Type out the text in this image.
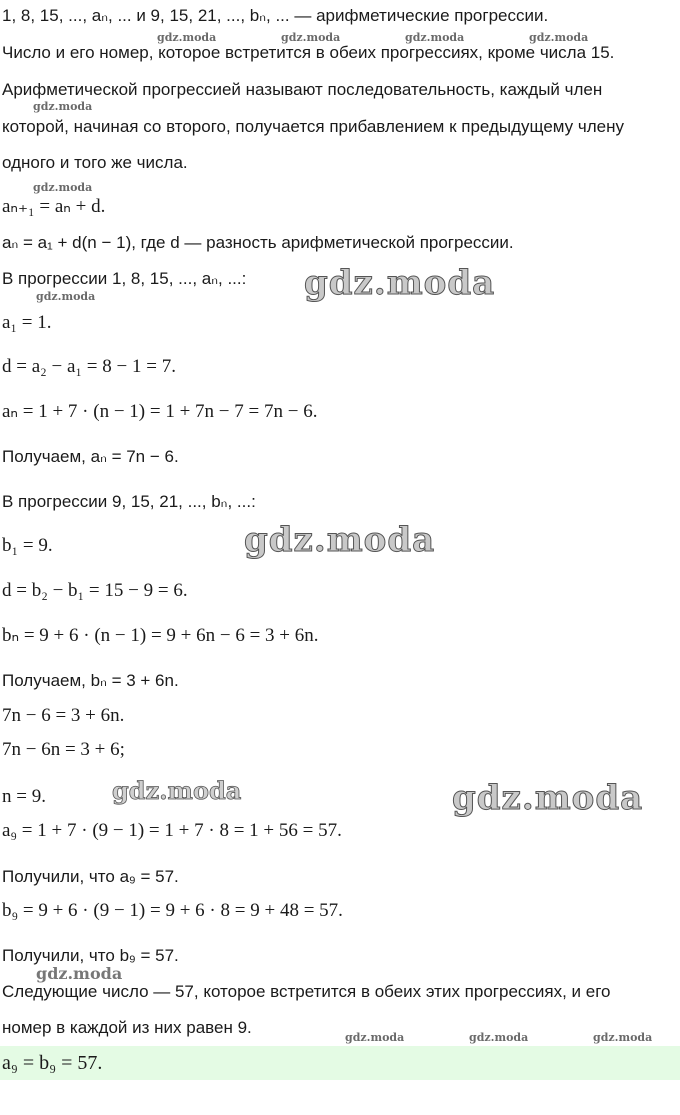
1, 8, 15, ..., aₙ, ... и 9, 15, 21, ..., bₙ, ... — арифметические прогрессии.
Число и его номер, которое встретится в обеих прогрессиях, кроме числа 15.
Арифметической прогрессией называют последовательность, каждый член
которой, начиная со второго, получается прибавлением к предыдущему члену
одного и того же числа.
aₙ₊₁ = aₙ + d.
aₙ = a₁ + d(n − 1), где d — разность арифметической прогрессии.
В прогрессии 1, 8, 15, ..., aₙ, ...:
a₁ = 1.
d = a₂ − a₁ = 8 − 1 = 7.
aₙ = 1 + 7 · (n − 1) = 1 + 7n − 7 = 7n − 6.
Получаем, aₙ = 7n − 6.
В прогрессии 9, 15, 21, ..., bₙ, ...:
b₁ = 9.
d = b₂ − b₁ = 15 − 9 = 6.
bₙ = 9 + 6 · (n − 1) = 9 + 6n − 6 = 3 + 6n.
Получаем, bₙ = 3 + 6n.
7n − 6 = 3 + 6n.
7n − 6n = 3 + 6;
n = 9.
a₉ = 1 + 7 · (9 − 1) = 1 + 7 · 8 = 1 + 56 = 57.
Получили, что a₉ = 57.
b₉ = 9 + 6 · (9 − 1) = 9 + 6 · 8 = 9 + 48 = 57.
Получили, что b₉ = 57.
Следующие число — 57, которое встретится в обеих этих прогрессиях, и его
номер в каждой из них равен 9.
a₉ = b₉ = 57.
gdz.moda	gdz.moda	gdz.moda	gdz.moda
gdz.moda
gdz.moda
gdz.moda	gdz.moda
gdz.moda
gdz.moda	gdz.moda
gdz.moda
gdz.moda	gdz.moda	gdz.moda
